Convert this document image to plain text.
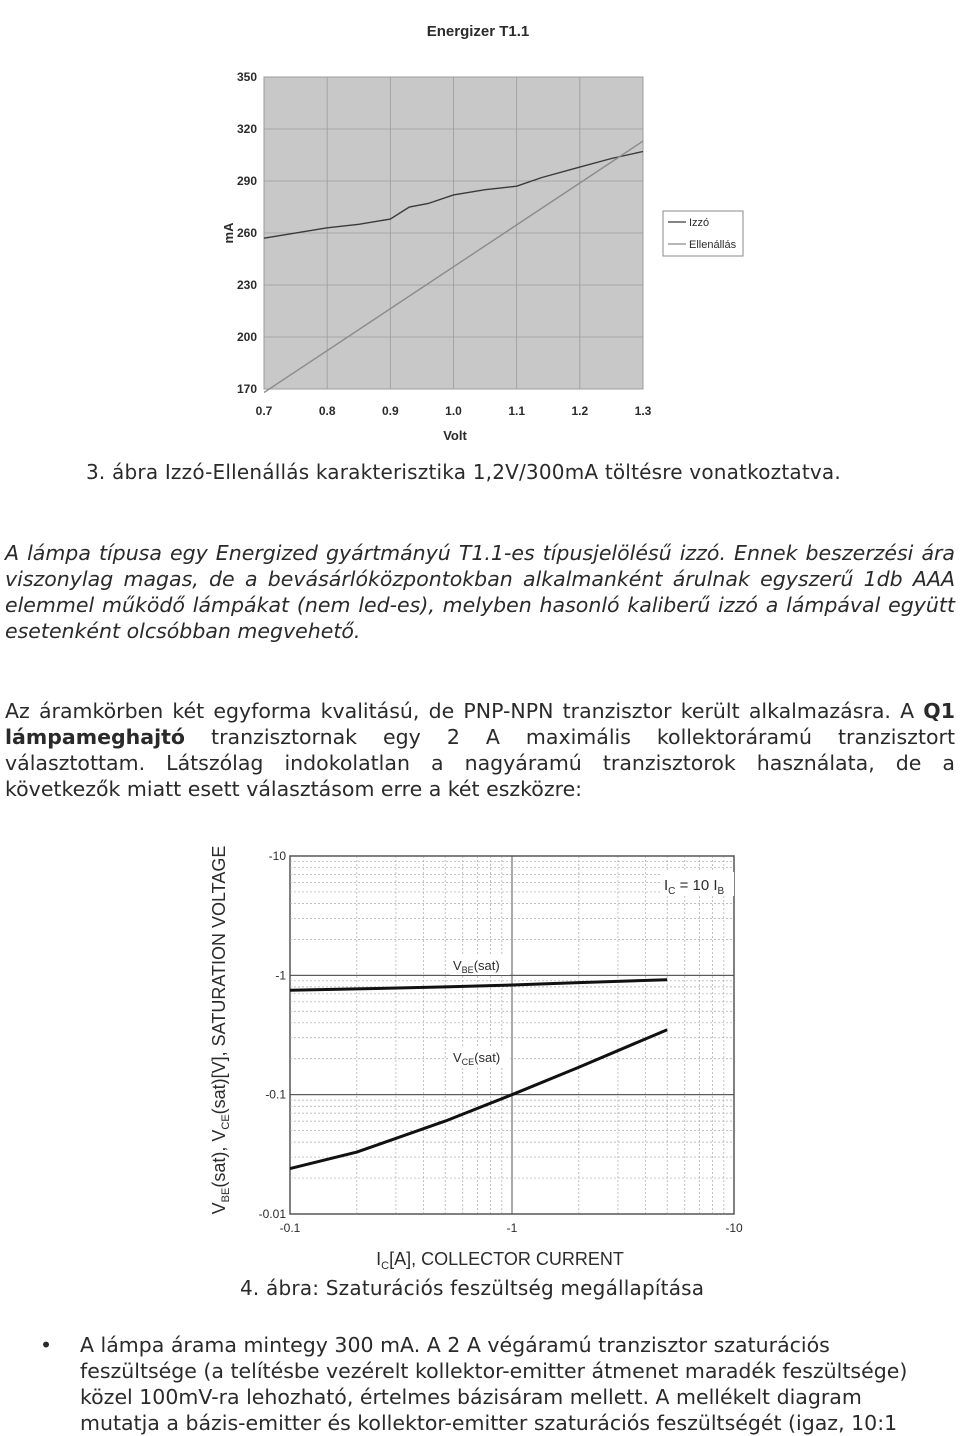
0.7	0.8	0.9	1.0	1.1	1.2	1.3
170
200
230
260
290
320
350
Energizer T1.1
mA
Volt
Izzó
Ellenállás
3. ábra Izzó-Ellenállás karakterisztika 1,2V/300mA töltésre vonatkoztatva.

A lámpa típusa egy Energized gyártmányú T1.1-es típusjelölésű izzó. Ennek beszerzési ára viszonylag magas, de a bevásárlóközpontokban alkalmanként árulnak egyszerű 1db AAA elemmel működő lámpákat (nem led-es), melyben hasonló kaliberű izzó a lámpával együtt esetenként olcsóbban megvehető.

Az áramkörben két egyforma kvalitású, de PNP-NPN tranzisztor került alkalmazásra. A Q1 lámpameghajtó tranzisztornak egy 2 A maximális kollektoráramú tranzisztort választottam. Látszólag indokolatlan a nagyáramú tranzisztorok használata, de a következők miatt esett választásom erre a két eszközre:

-0.1	-1	-10
-10
-1
-0.1
-0.01
$V_{BE}(sat)$, $V_{CE}(sat)[V]$, SATURATION VOLTAGE
$I_C[A]$, COLLECTOR CURRENT
$I_C = 10$ $I_B$
$V_{BE}(sat)$
$V_{CE}(sat)$
4. ábra: Szaturációs feszültség megállapítása
• A lámpa árama mintegy 300 mA. A 2 A végáramú tranzisztor szaturációs feszültsége (a telítésbe vezérelt kollektor-emitter átmenet maradék feszültsége) közel 100mV-ra lehozható, értelmes bázisáram mellett. A mellékelt diagram mutatja a bázis-emitter és kollektor-emitter szaturációs feszültségét (igaz, 10:1
